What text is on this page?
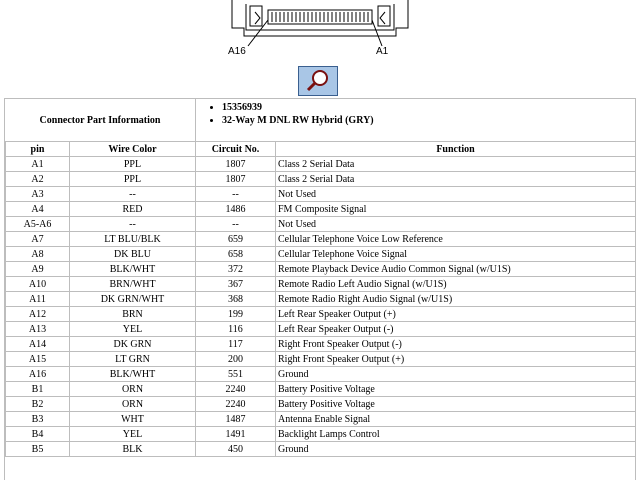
A16	A1
Connector Part Information
• 15356939
• 32-Way M DNL RW Hybrid (GRY)
pin	Wire Color	Circuit No.	Function
A1	PPL	1807	Class 2 Serial Data
A2	PPL	1807	Class 2 Serial Data
A3	--	--	Not Used
A4	RED	1486	FM Composite Signal
A5-A6	--	--	Not Used
A7	LT BLU/BLK	659	Cellular Telephone Voice Low Reference
A8	DK BLU	658	Cellular Telephone Voice Signal
A9	BLK/WHT	372	Remote Playback Device Audio Common Signal (w/U1S)
A10	BRN/WHT	367	Remote Radio Left Audio Signal (w/U1S)
A11	DK GRN/WHT	368	Remote Radio Right Audio Signal (w/U1S)
A12	BRN	199	Left Rear Speaker Output (+)
A13	YEL	116	Left Rear Speaker Output (-)
A14	DK GRN	117	Right Front Speaker Output (-)
A15	LT GRN	200	Right Front Speaker Output (+)
A16	BLK/WHT	551	Ground
B1	ORN	2240	Battery Positive Voltage
B2	ORN	2240	Battery Positive Voltage
B3	WHT	1487	Antenna Enable Signal
B4	YEL	1491	Backlight Lamps Control
B5	BLK	450	Ground
